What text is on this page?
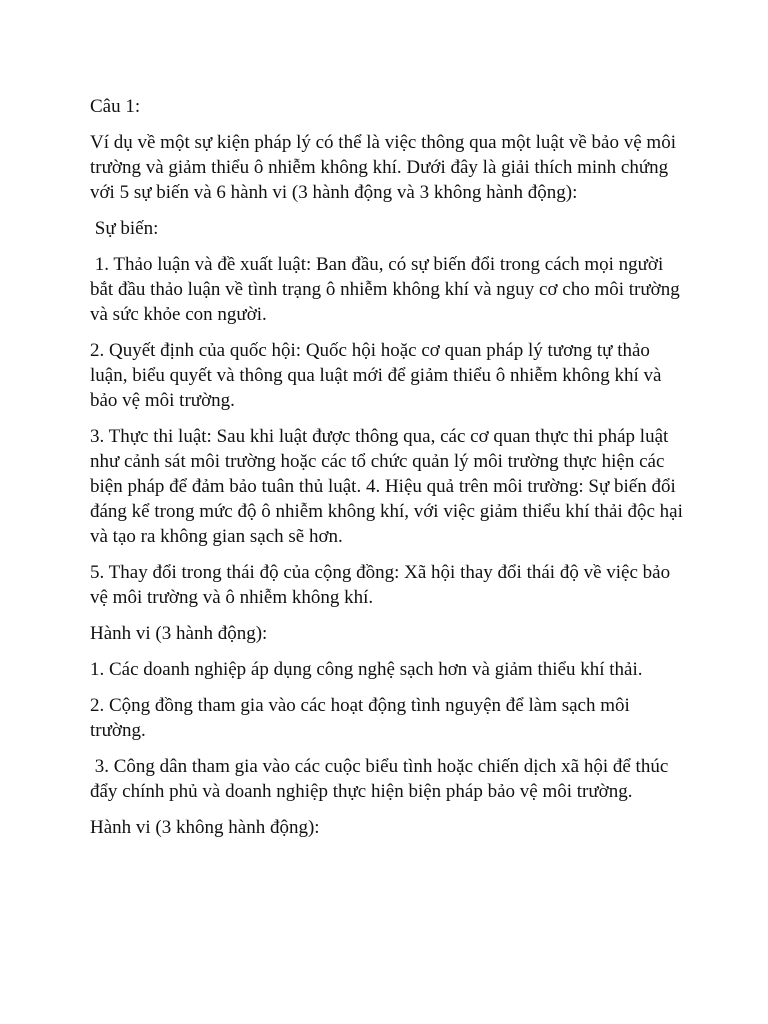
Câu 1:

Ví dụ về một sự kiện pháp lý có thể là việc thông qua một luật về bảo vệ môi trường và giảm thiểu ô nhiễm không khí. Dưới đây là giải thích minh chứng với 5 sự biến và 6 hành vi (3 hành động và 3 không hành động):

Sự biến:

1. Thảo luận và đề xuất luật: Ban đầu, có sự biến đổi trong cách mọi người bắt đầu thảo luận về tình trạng ô nhiễm không khí và nguy cơ cho môi trường và sức khỏe con người.

2. Quyết định của quốc hội: Quốc hội hoặc cơ quan pháp lý tương tự thảo luận, biểu quyết và thông qua luật mới để giảm thiểu ô nhiễm không khí và bảo vệ môi trường.

3. Thực thi luật: Sau khi luật được thông qua, các cơ quan thực thi pháp luật như cảnh sát môi trường hoặc các tổ chức quản lý môi trường thực hiện các biện pháp để đảm bảo tuân thủ luật. 4. Hiệu quả trên môi trường: Sự biến đổi đáng kể trong mức độ ô nhiễm không khí, với việc giảm thiểu khí thải độc hại và tạo ra không gian sạch sẽ hơn.

5. Thay đổi trong thái độ của cộng đồng: Xã hội thay đổi thái độ về việc bảo vệ môi trường và ô nhiễm không khí.

Hành vi (3 hành động):

1. Các doanh nghiệp áp dụng công nghệ sạch hơn và giảm thiểu khí thải.

2. Cộng đồng tham gia vào các hoạt động tình nguyện để làm sạch môi trường.

3. Công dân tham gia vào các cuộc biểu tình hoặc chiến dịch xã hội để thúc đẩy chính phủ và doanh nghiệp thực hiện biện pháp bảo vệ môi trường.

Hành vi (3 không hành động):
